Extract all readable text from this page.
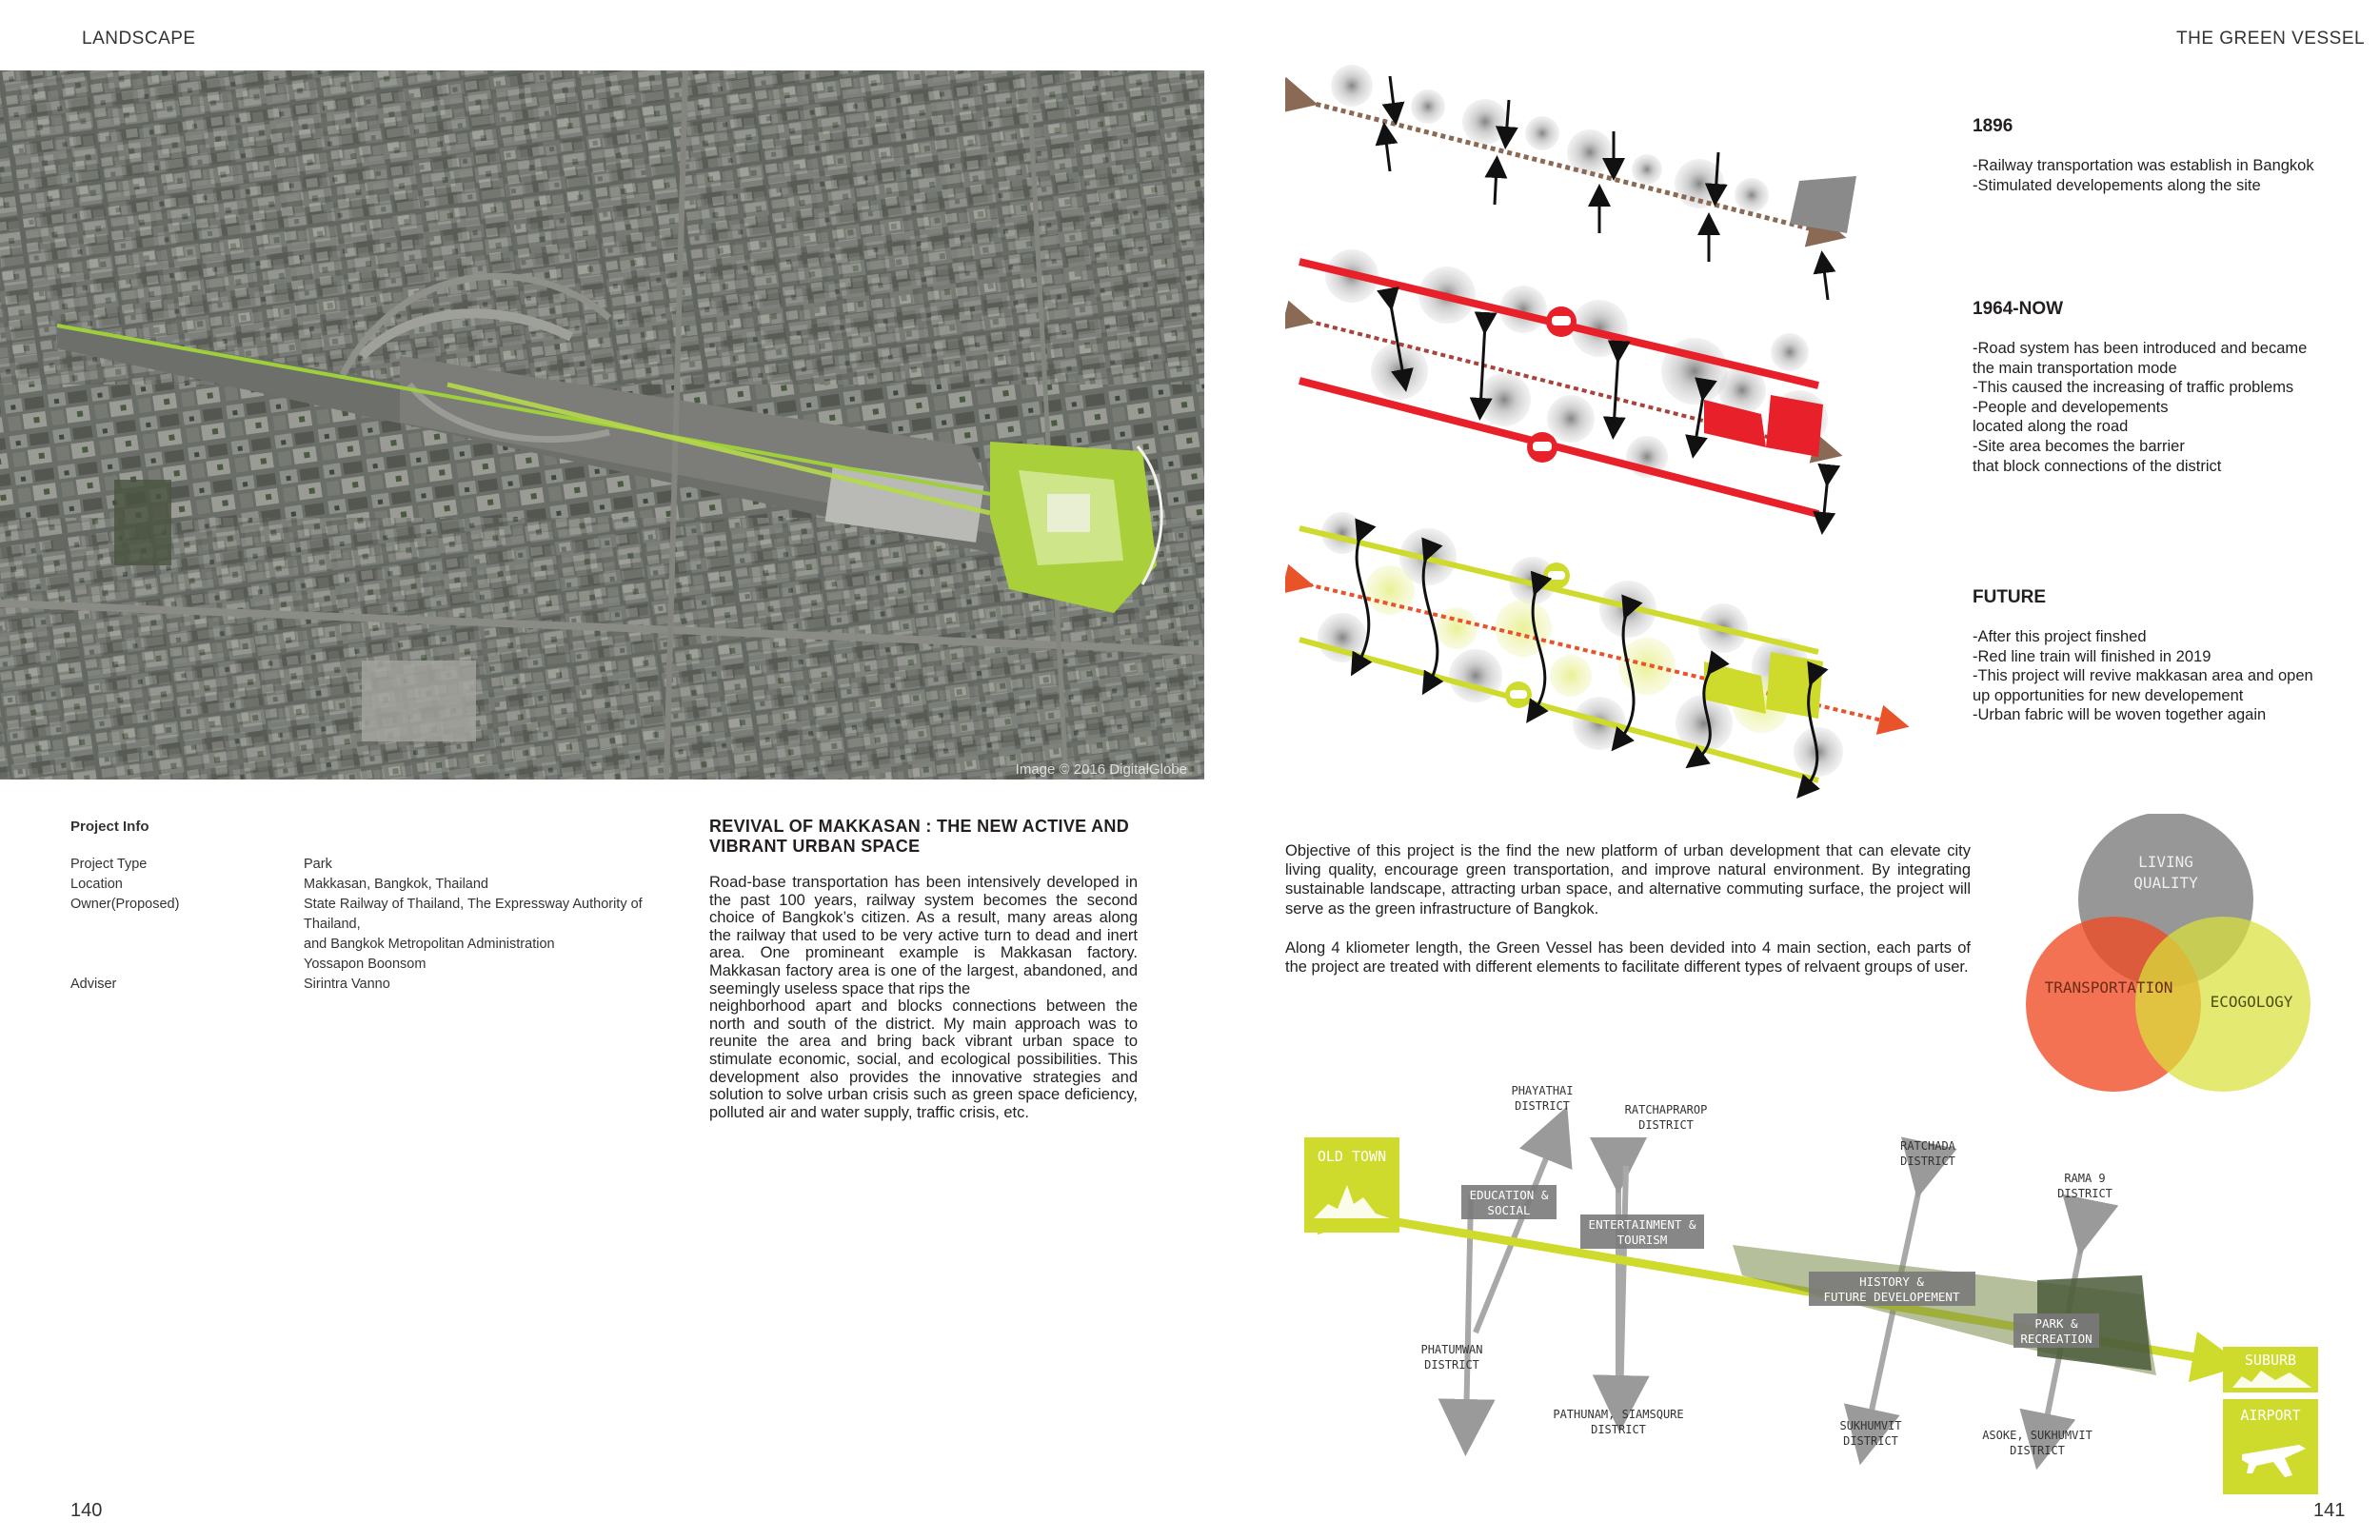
LANDSCAPE	THE GREEN VESSEL
Image © 2016 DigitalGlobe
Project Info
Project Type	Park
Location	Makkasan, Bangkok, Thailand
Owner(Proposed)	State Railway of Thailand, The Expressway Authority of Thailand,
and Bangkok Metropolitan Administration
Yossapon Boonsom
Adviser	Sirintra Vanno
REVIVAL OF MAKKASAN : THE NEW ACTIVE AND VIBRANT URBAN SPACE

Road-base transportation has been intensively developed in the past 100 years, railway system becomes the second choice of Bangkok’s citizen. As a result, many areas along the railway that used to be very active turn to dead and inert area. One promineant example is Makkasan factory. Makkasan factory area is one of the largest, abandoned, and seemingly useless space that rips the

neighborhood apart and blocks connections between the north and south of the district. My main approach was to reunite the area and bring back vibrant urban space to stimulate economic, social, and ecological possibilities. This development also provides the innovative strategies and solution to solve urban crisis such as green space deficiency, polluted air and water supply, traffic crisis, etc.

1896
-Railway transportation was establish in Bangkok
-Stimulated developements along the site
1964-NOW
-Road system has been introduced and became
the main transportation mode
-This caused the increasing of traffic problems
-People and developements
located along the road
-Site area becomes the barrier
that block connections of the district
FUTURE
-After this project finshed
-Red line train will finished in 2019
-This project will revive makkasan area and open
up opportunities for new developement
-Urban fabric will be woven together again

Objective of this project is the find the new platform of urban development that can elevate city living quality, encourage green transportation, and improve natural environment. By integrating sustainable landscape, attracting urban space, and alternative commuting surface, the project will serve as the green infrastructure of Bangkok.

Along 4 kliometer length, the Green Vessel has been devided into 4 main section, each parts of the project are treated with different elements to facilitate different types of relvaent groups of user.

LIVING
QUALITY
TRANSPORTATION
ECOGOLOGY
OLD TOWN
SUBURB
AIRPORT
EDUCATION &
SOCIAL
ENTERTAINMENT &
TOURISM
HISTORY &
FUTURE DEVELOPEMENT
PARK &
RECREATION
PHAYATHAI
DISTRICT	RATCHAPRAROP
DISTRICT
RATCHADA
DISTRICT
RAMA 9
DISTRICT
PHATUMWAN
DISTRICT
PATHUNAM, SIAMSQURE
DISTRICT	SUKHUMVIT
DISTRICT	ASOKE, SUKHUMVIT
DISTRICT
140	141
